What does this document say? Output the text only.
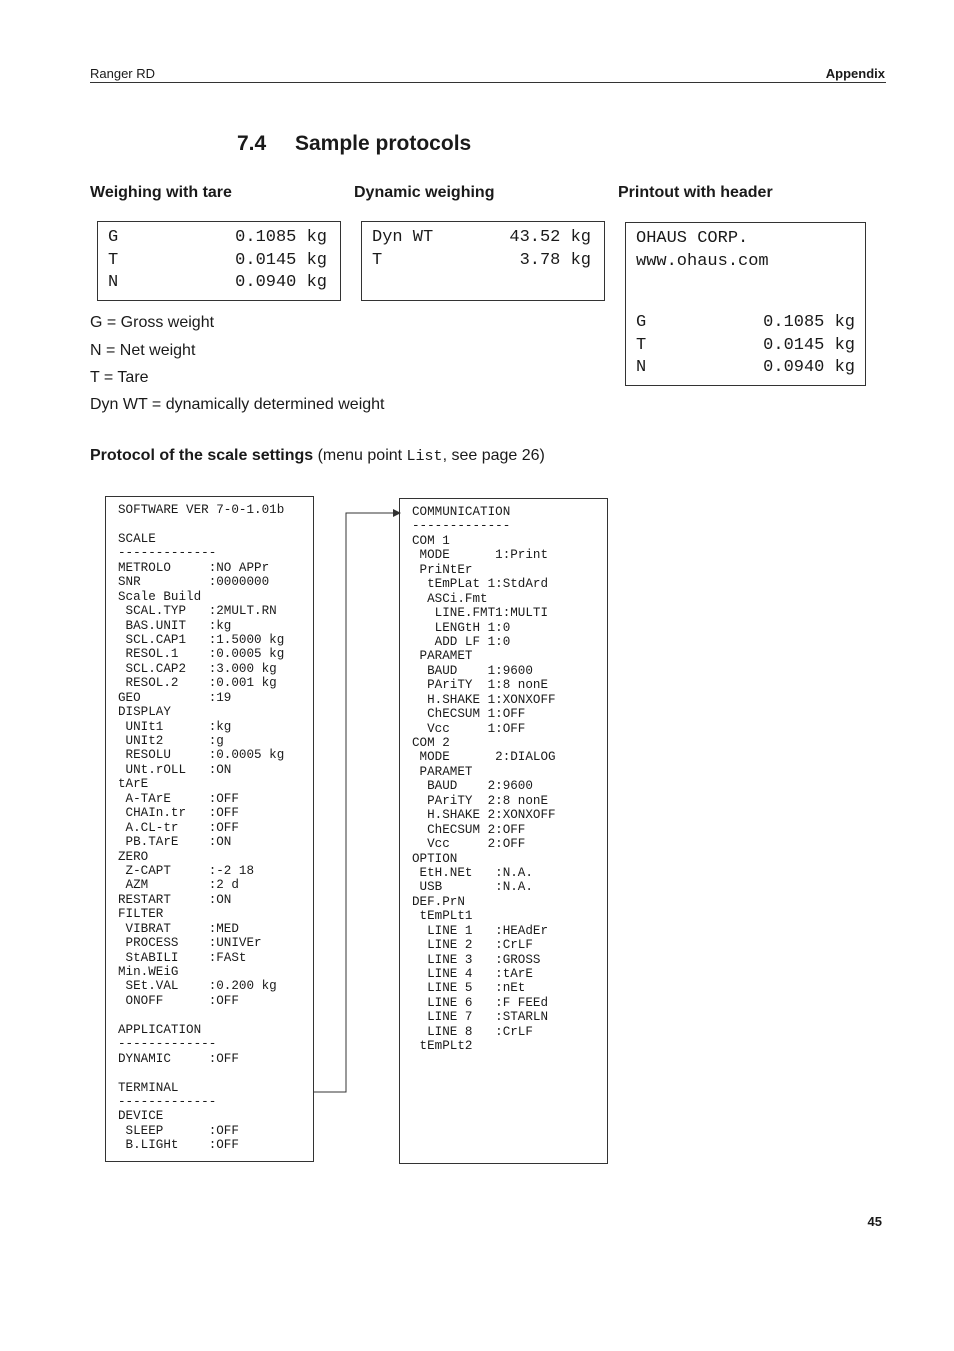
Ranger RD	Appendix
7.4 Sample protocols
Weighing with tare	Dynamic weighing	Printout with header
G	0.1085 kg
T	0.0145 kg
N	0.0940 kg
Dyn WT	43.52 kg
T	3.78 kg
OHAUS CORP.
www.ohaus.com
G	0.1085 kg
T	0.0145 kg
N	0.0940 kg
G = Gross weight
N = Net weight
T = Tare
Dyn WT = dynamically determined weight
Protocol of the scale settings (menu point List, see page 26)
SOFTWARE VER 7-0-1.01b
SCALE
-------------
METROLO     :NO APPr
SNR         :0000000
Scale Build
SCAL.TYP   :2MULT.RN
BAS.UNIT   :kg
SCL.CAP1   :1.5000 kg
RESOL.1    :0.0005 kg
SCL.CAP2   :3.000 kg
RESOL.2    :0.001 kg
GEO         :19
DISPLAY
UNIt1      :kg
UNIt2      :g
RESOLU     :0.0005 kg
UNt.rOLL   :ON
tArE
A-TArE     :OFF
CHAIn.tr   :OFF
A.CL-tr    :OFF
PB.TArE    :ON
ZERO
Z-CAPT     :-2 18
AZM        :2 d
RESTART     :ON
FILTER
VIBRAT     :MED
PROCESS    :UNIVEr
StABILI    :FASt
Min.WEiG
SEt.VAL    :0.200 kg
ONOFF      :OFF
APPLICATION
-------------
DYNAMIC     :OFF
TERMINAL
-------------
DEVICE
SLEEP      :OFF
B.LIGHt    :OFF
COMMUNICATION
-------------
COM 1
MODE      1:Print
PriNtEr
tEmPLat 1:StdArd
ASCi.Fmt
LINE.FMT1:MULTI
LENGtH 1:0
ADD LF 1:0
PARAMET
BAUD    1:9600
PAriTY  1:8 nonE
H.SHAKE 1:XONXOFF
ChECSUM 1:OFF
Vcc     1:OFF
COM 2
MODE      2:DIALOG
PARAMET
BAUD    2:9600
PAriTY  2:8 nonE
H.SHAKE 2:XONXOFF
ChECSUM 2:OFF
Vcc     2:OFF
OPTION
EtH.NEt   :N.A.
USB       :N.A.
DEF.PrN
tEmPLt1
LINE 1   :HEAdEr
LINE 2   :CrLF
LINE 3   :GROSS
LINE 4   :tArE
LINE 5   :nEt
LINE 6   :F FEEd
LINE 7   :STARLN
LINE 8   :CrLF
tEmPLt2
45
